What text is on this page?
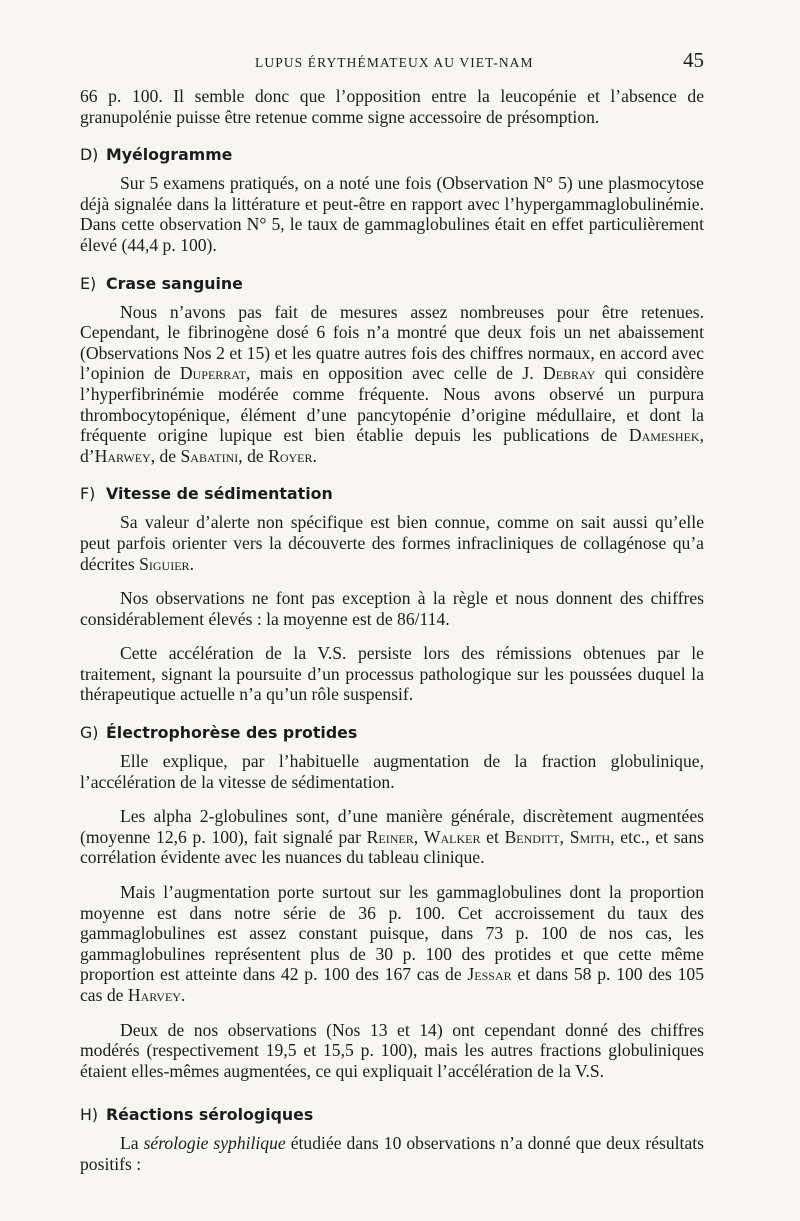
LUPUS ÉRYTHÉMATEUX AU VIET-NAM	45

66 p. 100. Il semble donc que l’opposition entre la leucopénie et l’absence de granupolénie puisse être retenue comme signe accessoire de présomption.

D) Myélogramme

Sur 5 examens pratiqués, on a noté une fois (Observation N° 5) une plasmocytose déjà signalée dans la littérature et peut-être en rapport avec l’hypergammaglobulinémie. Dans cette observation N° 5, le taux de gammaglobulines était en effet particulièrement élevé (44,4 p. 100).

E) Crase sanguine

Nous n’avons pas fait de mesures assez nombreuses pour être retenues. Cependant, le fibrinogène dosé 6 fois n’a montré que deux fois un net abaissement (Observations Nos 2 et 15) et les quatre autres fois des chiffres normaux, en accord avec l’opinion de Duperrat, mais en opposition avec celle de J. Debray qui considère l’hyperfibrinémie modérée comme fréquente. Nous avons observé un purpura thrombocytopénique, élément d’une pancytopénie d’origine médullaire, et dont la fréquente origine lupique est bien établie depuis les publications de Dameshek, d’Harwey, de Sabatini, de Royer.

F) Vitesse de sédimentation

Sa valeur d’alerte non spécifique est bien connue, comme on sait aussi qu’elle peut parfois orienter vers la découverte des formes infracliniques de collagénose qu’a décrites Siguier.

Nos observations ne font pas exception à la règle et nous donnent des chiffres considérablement élevés : la moyenne est de 86/114.

Cette accélération de la V.S. persiste lors des rémissions obtenues par le traitement, signant la poursuite d’un processus pathologique sur les poussées duquel la thérapeutique actuelle n’a qu’un rôle suspensif.

G) Électrophorèse des protides

Elle explique, par l’habituelle augmentation de la fraction globulinique, l’accélération de la vitesse de sédimentation.

Les alpha 2-globulines sont, d’une manière générale, discrètement augmentées (moyenne 12,6 p. 100), fait signalé par Reiner, Walker et Benditt, Smith, etc., et sans corrélation évidente avec les nuances du tableau clinique.

Mais l’augmentation porte surtout sur les gammaglobulines dont la proportion moyenne est dans notre série de 36 p. 100. Cet accroissement du taux des gammaglobulines est assez constant puisque, dans 73 p. 100 de nos cas, les gammaglobulines représentent plus de 30 p. 100 des protides et que cette même proportion est atteinte dans 42 p. 100 des 167 cas de Jessar et dans 58 p. 100 des 105 cas de Harvey.

Deux de nos observations (Nos 13 et 14) ont cependant donné des chiffres modérés (respectivement 19,5 et 15,5 p. 100), mais les autres fractions globuliniques étaient elles-mêmes augmentées, ce qui expliquait l’accélération de la V.S.

H) Réactions sérologiques

La sérologie syphilique étudiée dans 10 observations n’a donné que deux résultats positifs :
